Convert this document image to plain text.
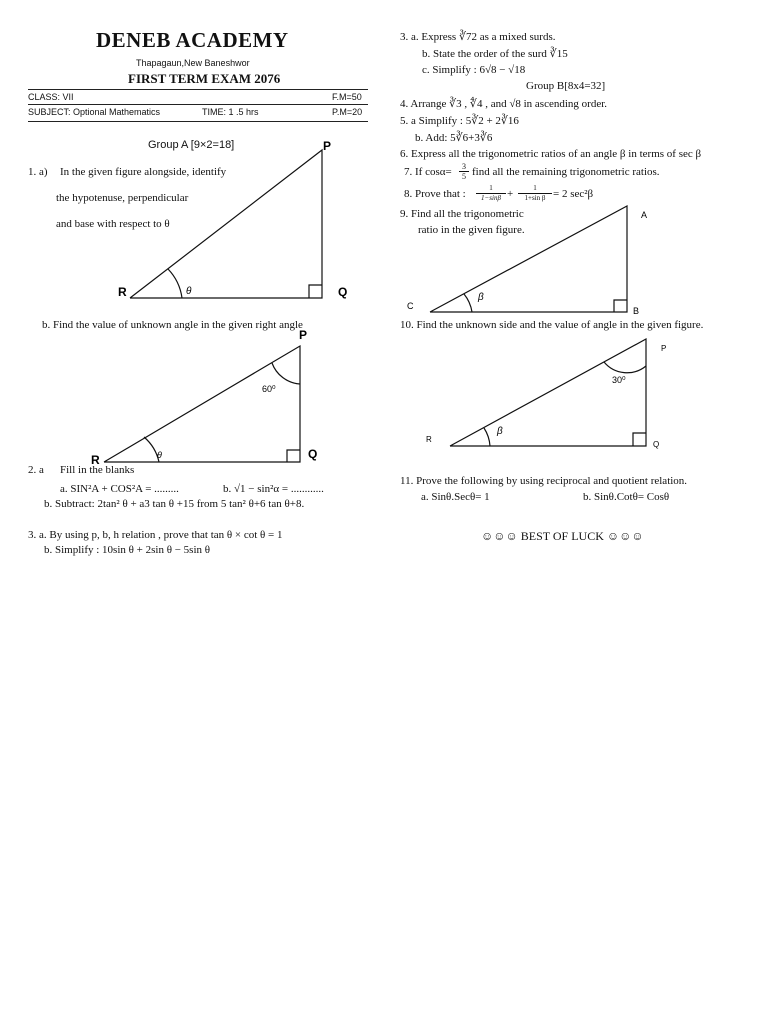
DENEB ACADEMY
Thapagaun,New Baneshwor
FIRST TERM EXAM 2076
CLASS: VII	F.M=50
SUBJECT: Optional Mathematics	TIME: 1 .5 hrs	P.M=20
Group A [9×2=18]
1. a) In the given figure alongside, identify
the hypotenuse, perpendicular
and base with respect to θ
P
R	Q
θ
b. Find the value of unknown angle in the given right angle
P
R	Q
θ
60⁰
2. a Fill in the blanks
a. SIN²A + COS²A = .........	b. √1 − sin²α = ............
b. Subtract: 2tan² θ + a3 tan θ +15 from 5 tan² θ+6 tan θ+8.
3. a. By using p, b, h relation , prove that tan θ × cot θ = 1
b. Simplify : 10sin θ + 2sin θ − 5sin θ
3. a. Express ∛72 as a mixed surds.
b. State the order of the surd ∛15
c. Simplify : 6√8 − √18
Group B[8x4=32]
4. Arrange ∛3 , ∜4 , and √8 in ascending order.
5. a Simplify : 5∛2 + 2∛16
b. Add: 5∛6+3∛6
6. Express all the trigonometric ratios of an angle β in terms of sec β
7. If $\cos\alpha= \frac{3}{5}$ find all the remaining trigonometric ratios.
8. Prove that : $\frac{1}{1-\sin\beta} + \frac{1}{\text{1+sin β}} = 2$ sec²β
9. Find all the trigonometric
ratio in the given figure.
A
C	B
β
10. Find the unknown side and the value of angle in the given figure.
P
R
Q
β
30⁰
11. Prove the following by using reciprocal and quotient relation.
a. Sinθ.Secθ= 1	b. Sinθ.Cotθ= Cosθ
☺☺☺ BEST OF LUCK ☺☺☺
